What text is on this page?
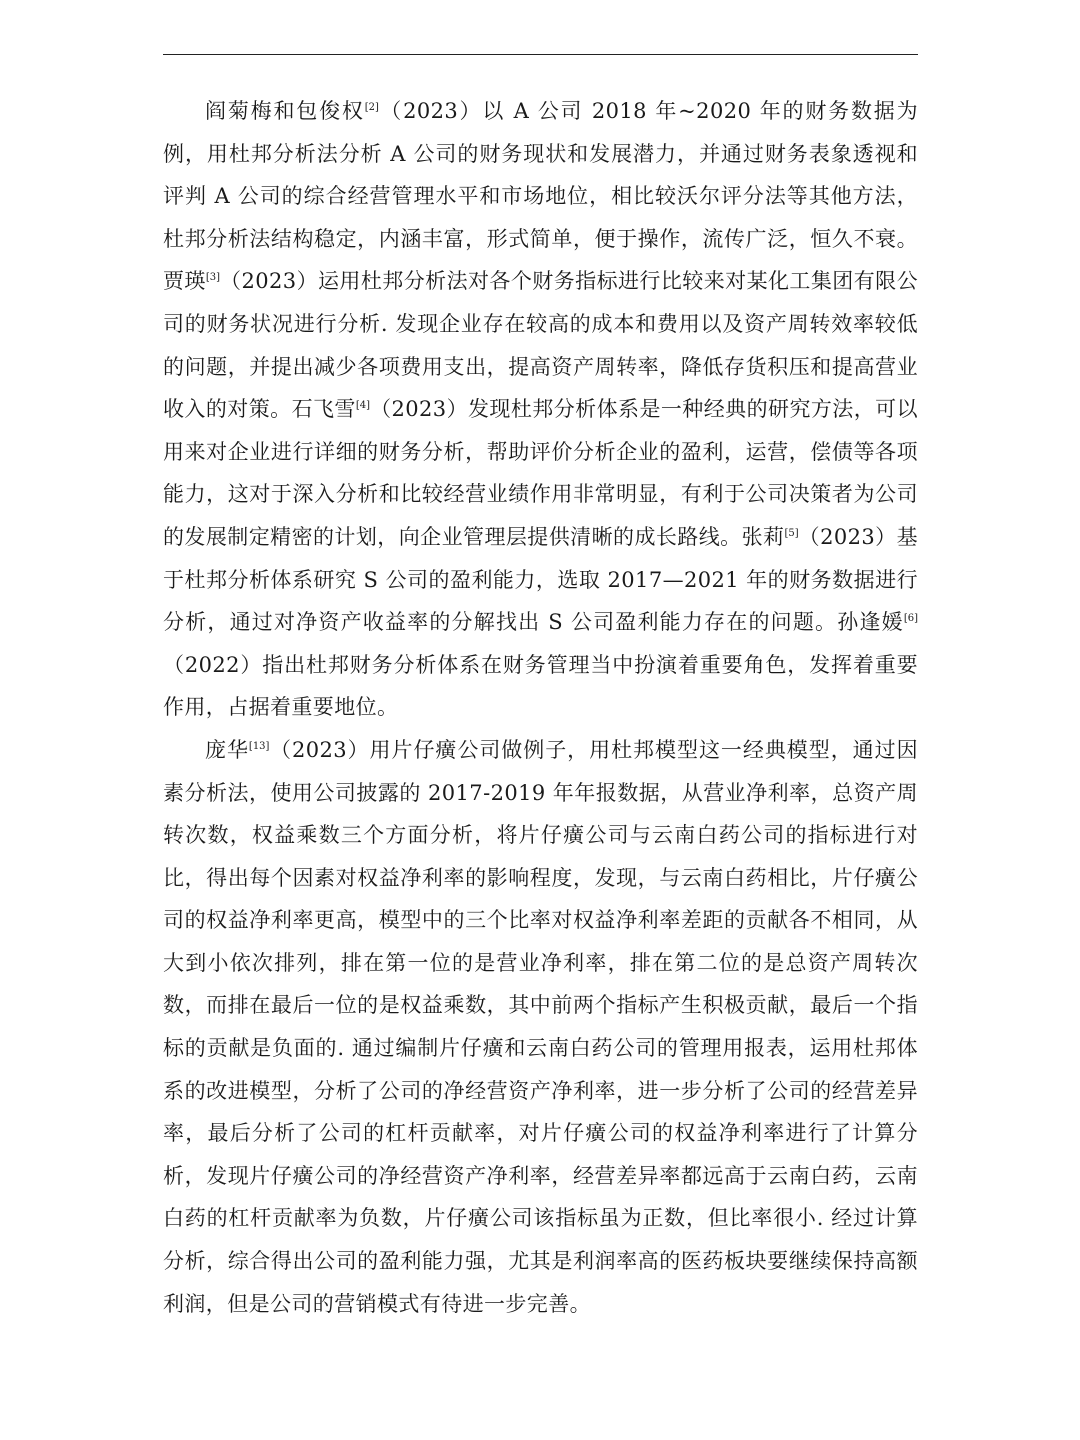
阎菊梅和包俊权[2]（2023）以 A 公司 2018 年~2020 年的财务数据为例，用杜邦分析法分析 A 公司的财务现状和发展潜力，并通过财务表象透视和评判 A 公司的综合经营管理水平和市场地位，相比较沃尔评分法等其他方法，杜邦分析法结构稳定，内涵丰富，形式简单，便于操作，流传广泛，恒久不衰。贾瑛[3]（2023）运用杜邦分析法对各个财务指标进行比较来对某化工集团有限公司的财务状况进行分析. 发现企业存在较高的成本和费用以及资产周转效率较低的问题，并提出减少各项费用支出，提高资产周转率，降低存货积压和提高营业收入的对策。石飞雪[4]（2023）发现杜邦分析体系是一种经典的研究方法，可以用来对企业进行详细的财务分析，帮助评价分析企业的盈利，运营，偿债等各项能力，这对于深入分析和比较经营业绩作用非常明显，有利于公司决策者为公司的发展制定精密的计划，向企业管理层提供清晰的成长路线。张莉[5]（2023）基于杜邦分析体系研究 S 公司的盈利能力，选取 2017—2021 年的财务数据进行分析，通过对净资产收益率的分解找出 S 公司盈利能力存在的问题。孙逢媛[6]（2022）指出杜邦财务分析体系在财务管理当中扮演着重要角色，发挥着重要作用，占据着重要地位。

庞华[13]（2023）用片仔癀公司做例子，用杜邦模型这一经典模型，通过因素分析法，使用公司披露的 2017-2019 年年报数据，从营业净利率，总资产周转次数，权益乘数三个方面分析，将片仔癀公司与云南白药公司的指标进行对比，得出每个因素对权益净利率的影响程度，发现，与云南白药相比，片仔癀公司的权益净利率更高，模型中的三个比率对权益净利率差距的贡献各不相同，从大到小依次排列，排在第一位的是营业净利率，排在第二位的是总资产周转次数，而排在最后一位的是权益乘数，其中前两个指标产生积极贡献，最后一个指标的贡献是负面的. 通过编制片仔癀和云南白药公司的管理用报表，运用杜邦体系的改进模型，分析了公司的净经营资产净利率，进一步分析了公司的经营差异率，最后分析了公司的杠杆贡献率，对片仔癀公司的权益净利率进行了计算分析，发现片仔癀公司的净经营资产净利率，经营差异率都远高于云南白药，云南白药的杠杆贡献率为负数，片仔癀公司该指标虽为正数，但比率很小. 经过计算分析，综合得出公司的盈利能力强，尤其是利润率高的医药板块要继续保持高额利润，但是公司的营销模式有待进一步完善。
